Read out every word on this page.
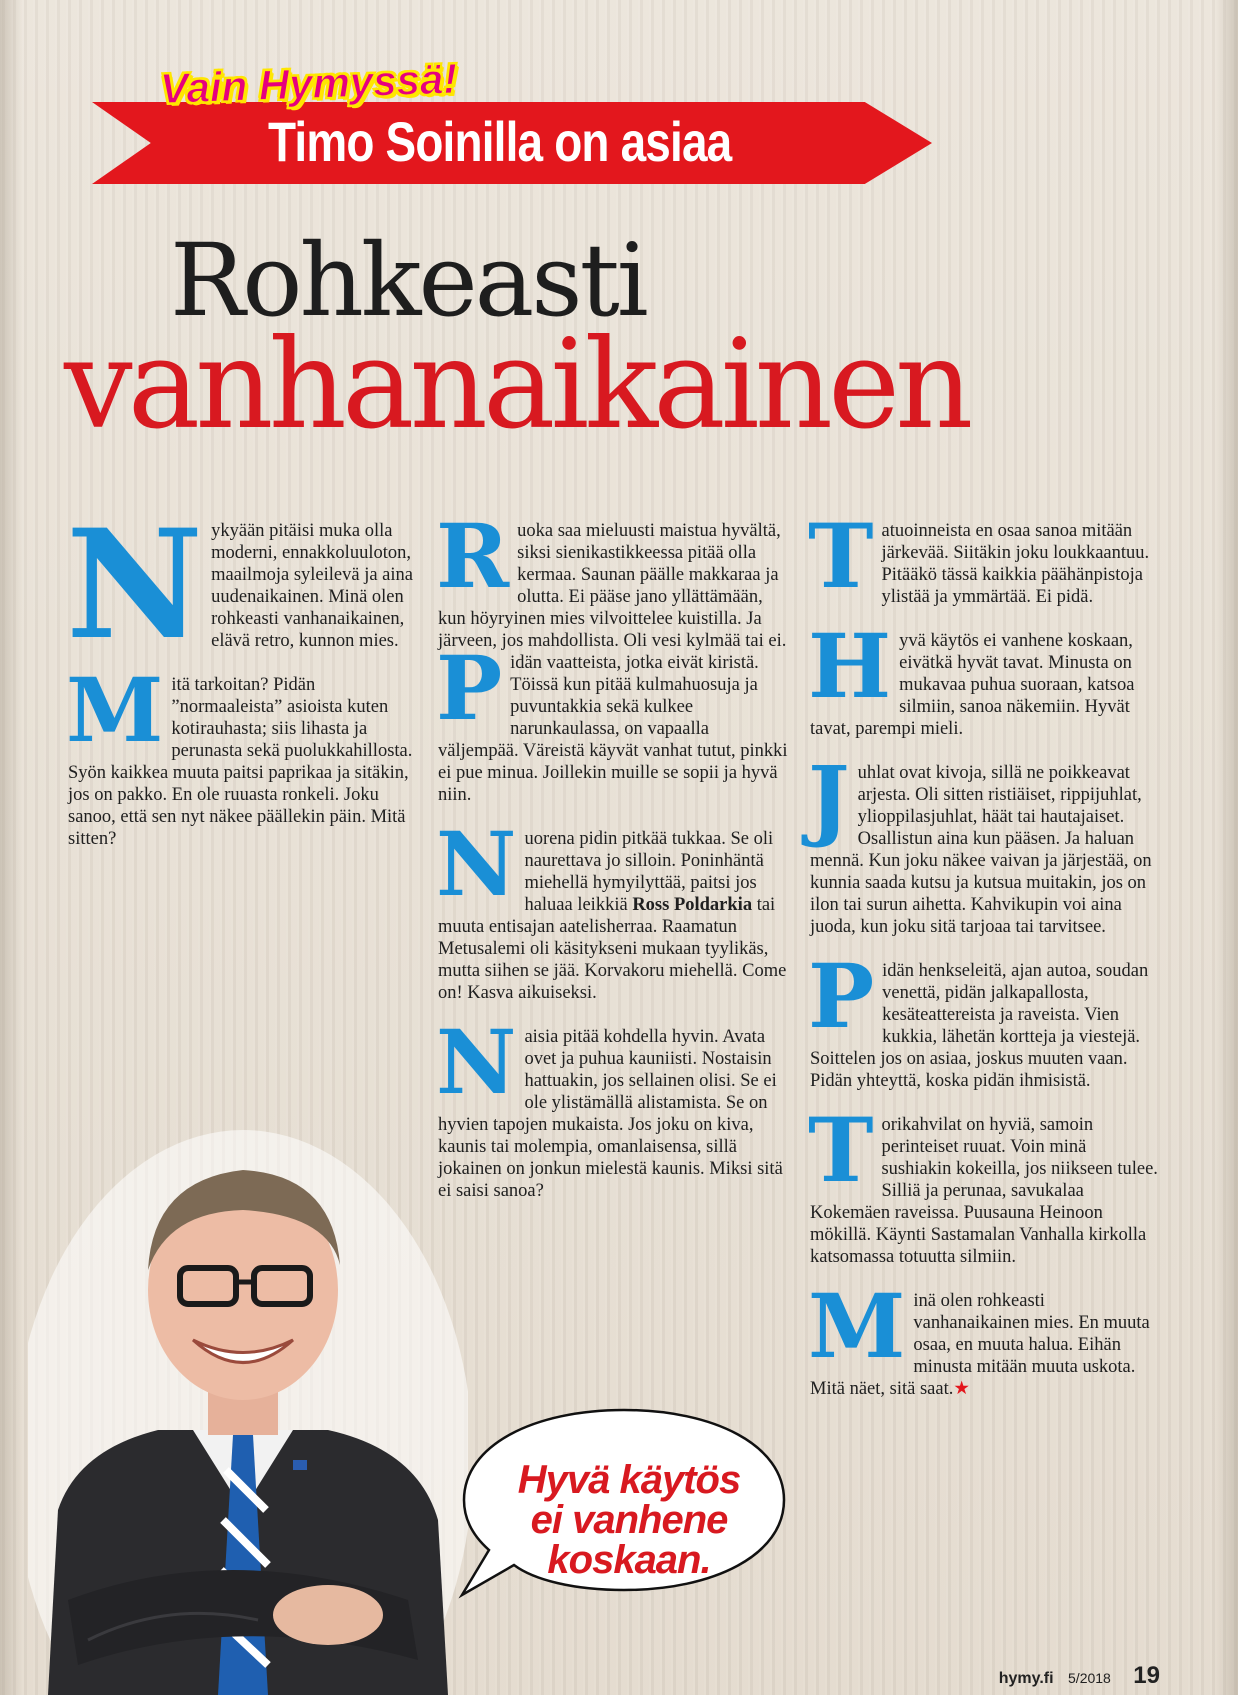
Timo Soinilla on asiaa
Vain Hymyssä!
Rohkeasti
vanhanaikainen

N ykyään pitäisi muka olla moderni, ennakkoluuloton, maailmoja syleilevä ja aina uudenaikainen. Minä olen rohkeasti vanhanaikainen, elävä retro, kunnon mies.

M itä tarkoitan? Pidän ”normaaleista” asioista kuten kotirauhasta; siis lihasta ja perunasta sekä puolukkahillosta. Syön kaikkea muuta paitsi paprikaa ja sitäkin, jos on pakko. En ole ruuasta ronkeli. Joku sanoo, että sen nyt näkee päällekin päin. Mitä sitten?

R uoka saa mieluusti maistua hyvältä, siksi sienikastikkeessa pitää olla kermaa. Saunan päälle makkaraa ja olutta. Ei pääse jano yllättämään, kun höyryinen mies vilvoittelee kuistilla. Ja järveen, jos mahdollista. Oli vesi kylmää tai ei.

P idän vaatteista, jotka eivät kiristä. Töissä kun pitää kulmahuosuja ja puvuntakkia sekä kulkee narunkaulassa, on vapaalla väljempää. Väreistä käyvät vanhat tutut, pinkki ei pue minua. Joillekin muille se sopii ja hyvä niin.

N uorena pidin pitkää tukkaa. Se oli naurettava jo silloin. Poninhäntä miehellä hymyilyttää, paitsi jos haluaa leikkiä Ross Poldarkia tai muuta entisajan aatelisherraa. Raamatun Metusalemi oli käsitykseni mukaan tyylikäs, mutta siihen se jää. Korvakoru miehellä. Come on! Kasva aikuiseksi.

N aisia pitää kohdella hyvin. Avata ovet ja puhua kauniisti. Nostaisin hattuakin, jos sellainen olisi. Se ei ole ylistämällä alistamista. Se on hyvien tapojen mukaista. Jos joku on kiva, kaunis tai molempia, omanlaisensa, sillä jokainen on jonkun mielestä kaunis. Miksi sitä ei saisi sanoa?

T atuoinneista en osaa sanoa mitään järkevää. Siitäkin joku loukkaantuu. Pitääkö tässä kaikkia päähänpistoja ylistää ja ymmärtää. Ei pidä.

H yvä käytös ei vanhene koskaan, eivätkä hyvät tavat. Minusta on mukavaa puhua suoraan, katsoa silmiin, sanoa näkemiin. Hyvät tavat, parempi mieli.

J uhlat ovat kivoja, sillä ne poikkeavat arjesta. Oli sitten ristiäiset, rippijuhlat, ylioppilasjuhlat, häät tai hautajaiset. Osallistun aina kun pääsen. Ja haluan mennä. Kun joku näkee vaivan ja järjestää, on kunnia saada kutsu ja kutsua muitakin, jos on ilon tai surun aihetta. Kahvikupin voi aina juoda, kun joku sitä tarjoaa tai tarvitsee.

P idän henkseleitä, ajan autoa, soudan venettä, pidän jalkapallosta, kesäteattereista ja raveista. Vien kukkia, lähetän kortteja ja viestejä. Soittelen jos on asiaa, joskus muuten vaan. Pidän yhteyttä, koska pidän ihmisistä.

T orikahvilat on hyviä, samoin perinteiset ruuat. Voin minä sushiakin kokeilla, jos niikseen tulee. Silliä ja perunaa, savukalaa Kokemäen raveissa. Puusauna Heinoon mökillä. Käynti Sastamalan Vanhalla kirkolla katsomassa totuutta silmiin.

M inä olen rohkeasti vanhanaikainen mies. En muuta osaa, en muuta halua. Eihän minusta mitään muuta uskota. Mitä näet, sitä saat.★

Hyvä käytös
ei vanhene
koskaan.
hymy.fi 5/2018 19
